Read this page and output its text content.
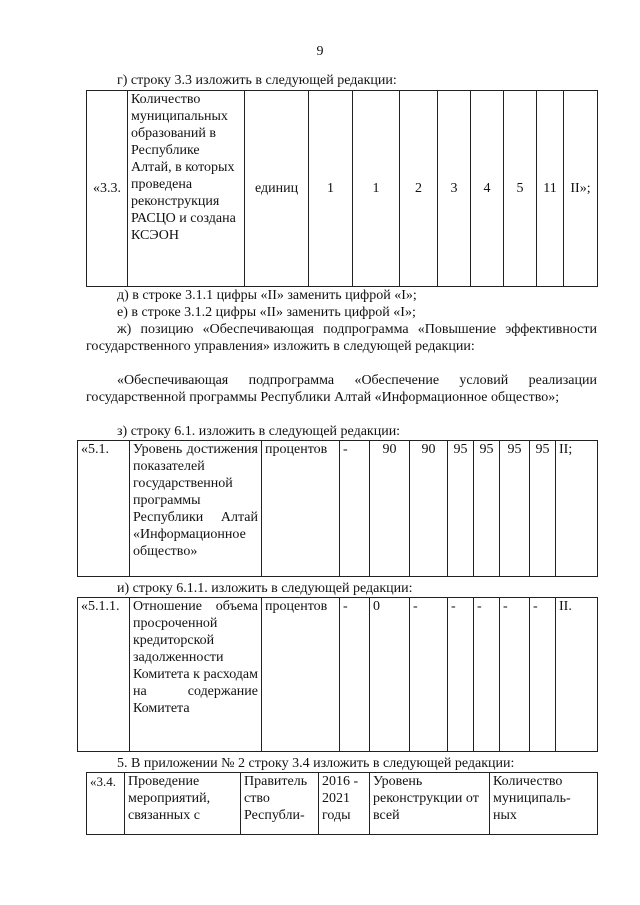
9
г) строку 3.3 изложить в следующей редакции:
«3.3.	Количество муниципальных образований в Республике Алтай, в которых проведена реконструкция РАСЦО и создана КСЭОН	единиц	1	1	2	3	4	5	11	II»;
д) в строке 3.1.1 цифры «II» заменить цифрой «I»;
е) в строке 3.1.2 цифры «II» заменить цифрой «I»;
ж) позицию «Обеспечивающая подпрограмма «Повышение эффективности государственного управления» изложить в следующей редакции:
«Обеспечивающая подпрограмма «Обеспечение условий реализации государственной программы Республики Алтай «Информационное общество»;
з) строку 6.1. изложить в следующей редакции:
«5.1.	Уровень достижения показателей государственной программы Республики Алтай «Информационное общество»	процентов	-	90	90	95	95	95	95	II;
и) строку 6.1.1. изложить в следующей редакции:
«5.1.1.	Отношение объема просроченной кредиторской задолженности Комитета к расходам на содержание Комитета	процентов	-	0	-	-	-	-	-	II.
5. В приложении № 2 строку 3.4 изложить в следующей редакции:
«3.4.	Проведение мероприятий, связанных с	Правитель ство Республи-	2016 - 2021 годы	Уровень реконструкции от всей	Количество муниципаль- ных
